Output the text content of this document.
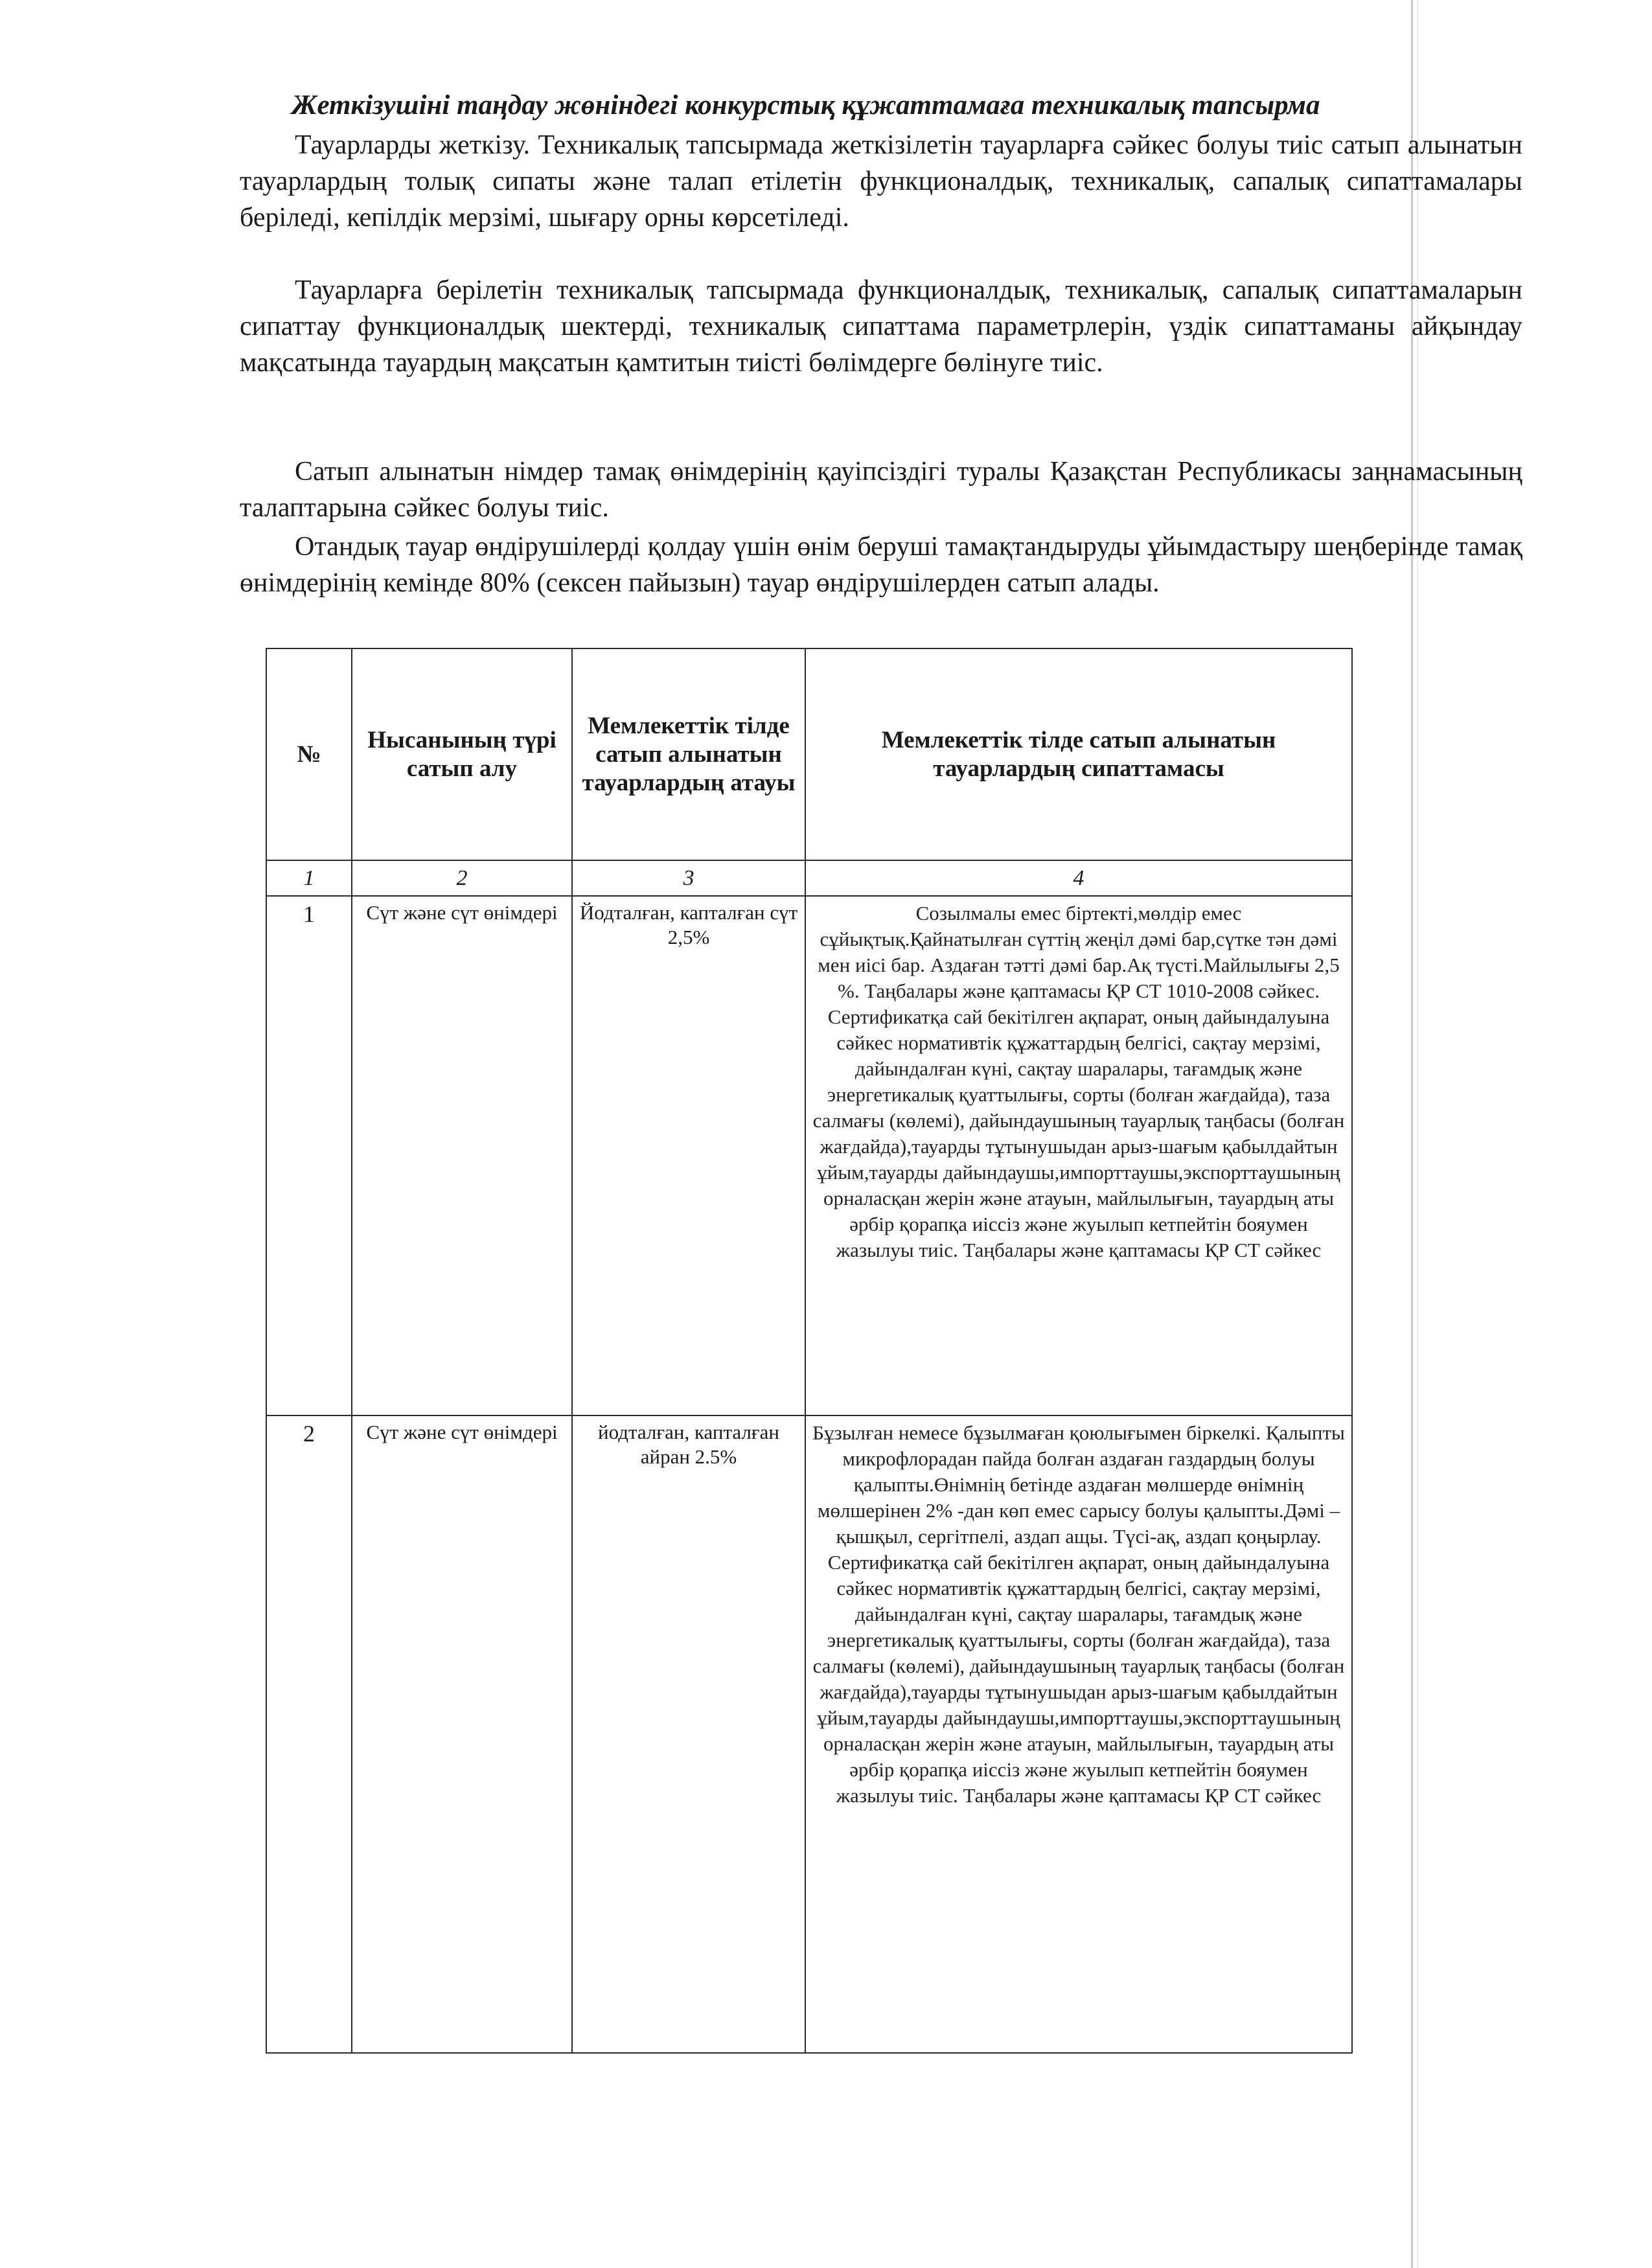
Жеткізушіні таңдау жөніндегі конкурстық құжаттамаға техникалық тапсырма

Тауарларды жеткізу. Техникалық тапсырмада жеткізілетін тауарларға сәйкес болуы тиіс сатып алынатын тауарлардың толық сипаты және талап етілетін функционалдық, техникалық, сапалық сипаттамалары беріледі, кепілдік мерзімі, шығару орны көрсетіледі.

Тауарларға берілетін техникалық тапсырмада функционалдық, техникалық, сапалық сипаттамаларын сипаттау функционалдық шектерді, техникалық сипаттама параметрлерін, үздік сипаттаманы айқындау мақсатында тауардың мақсатын қамтитын тиісті бөлімдерге бөлінуге тиіс.

Сатып алынатын німдер тамақ өнімдерінің қауіпсіздігі туралы Қазақстан Республикасы заңнамасының талаптарына сәйкес болуы тиіс.

Отандық тауар өндірушілерді қолдау үшін өнім беруші тамақтандыруды ұйымдастыру шеңберінде тамақ өнімдерінің кемінде 80% (сексен пайызын) тауар өндірушілерден сатып алады.

№	Нысанының түрі сатып алу	Мемлекеттік тілде сатып алынатын тауарлардың атауы	Мемлекеттік тілде сатып алынатын тауарлардың сипаттамасы
1	2	3	4
1	Сүт және сүт өнімдері	Йодталған, капталған сүт 2,5%	Созылмалы емес біртекті,мөлдір емес сұйықтық.Қайнатылған сүттің жеңіл дәмі бар,сүтке тән дәмі мен иісі бар. Аздаған тәтті дәмі бар.Ақ түсті.Майлылығы 2,5 %. Таңбалары және қаптамасы ҚР СТ 1010-2008 сәйкес. Сертификатқа сай бекітілген ақпарат, оның дайындалуына сәйкес нормативтік құжаттардың белгісі, сақтау мерзімі, дайындалған күні, сақтау шаралары, тағамдық және энергетикалық қуаттылығы, сорты (болған жағдайда), таза салмағы (көлемі), дайындаушының тауарлық таңбасы (болған жағдайда),тауарды тұтынушыдан арыз-шағым қабылдайтын ұйым,тауарды дайындаушы,импорттаушы,экспорттаушының орналасқан жерін және атауын, майлылығын, тауардың аты әрбір қорапқа иіссіз және жуылып кетпейтін бояумен жазылуы тиіс. Таңбалары және қаптамасы ҚР СТ сәйкес
2	Сүт және сүт өнімдері	йодталған, капталған айран 2.5%	Бұзылған немесе бұзылмаған қоюлығымен біркелкі. Қалыпты микрофлорадан пайда болған аздаған газдардың болуы қалыпты.Өнімнің бетінде аздаған мөлшерде өнімнің мөлшерінен 2% -дан көп емес сарысу болуы қалыпты.Дәмі – қышқыл, сергітпелі, аздап ащы. Түсі-ақ, аздап қоңырлау. Сертификатқа сай бекітілген ақпарат, оның дайындалуына сәйкес нормативтік құжаттардың белгісі, сақтау мерзімі, дайындалған күні, сақтау шаралары, тағамдық және энергетикалық қуаттылығы, сорты (болған жағдайда), таза салмағы (көлемі), дайындаушының тауарлық таңбасы (болған жағдайда),тауарды тұтынушыдан арыз-шағым қабылдайтын ұйым,тауарды дайындаушы,импорттаушы,экспорттаушының орналасқан жерін және атауын, майлылығын, тауардың аты әрбір қорапқа иіссіз және жуылып кетпейтін бояумен жазылуы тиіс. Таңбалары және қаптамасы ҚР СТ сәйкес
